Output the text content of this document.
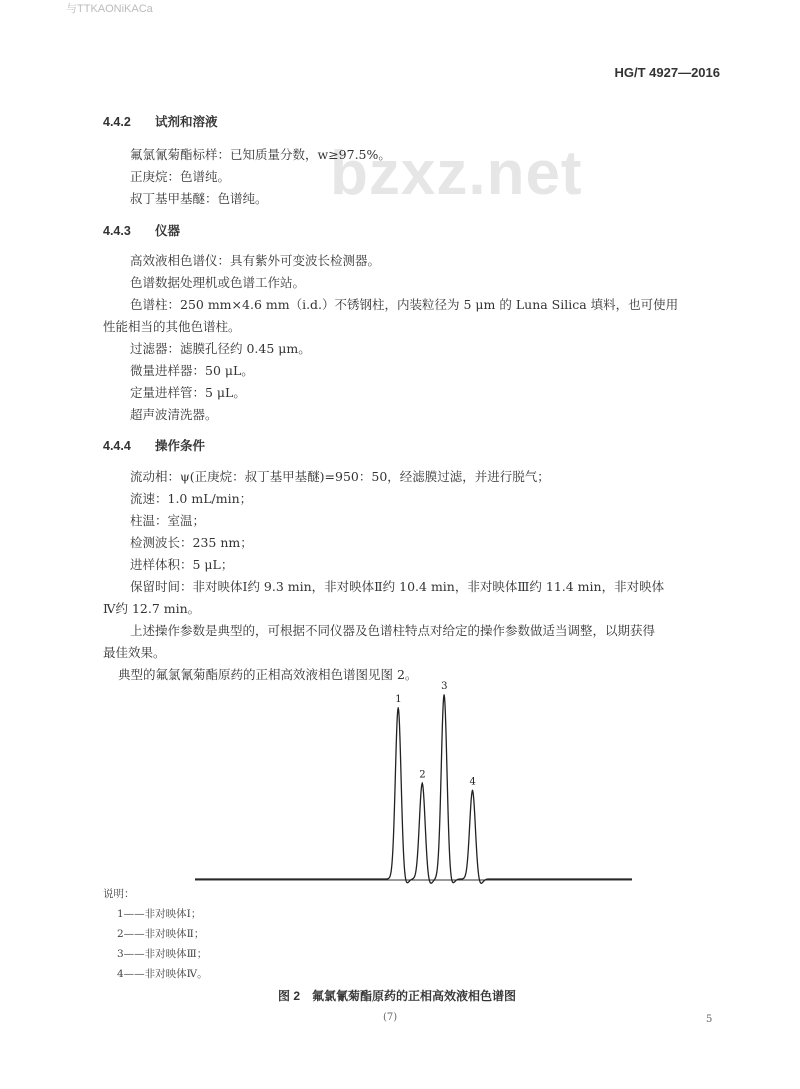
与TTKAONiKACa
HG/T 4927—2016
bzxz.net
4.4.2 试剂和溶液
氟氯氰菊酯标样：已知质量分数，w≥97.5%。
正庚烷：色谱纯。
叔丁基甲基醚：色谱纯。
4.4.3 仪器
高效液相色谱仪：具有紫外可变波长检测器。
色谱数据处理机或色谱工作站。
色谱柱：250 mm×4.6 mm（i.d.）不锈钢柱，内装粒径为 5 μm 的 Luna Silica 填料，也可使用
性能相当的其他色谱柱。
过滤器：滤膜孔径约 0.45 μm。
微量进样器：50 μL。
定量进样管：5 μL。
超声波清洗器。
4.4.4 操作条件
流动相：ψ(正庚烷：叔丁基甲基醚)=950：50，经滤膜过滤，并进行脱气；
流速：1.0 mL/min；
柱温：室温；
检测波长：235 nm；
进样体积：5 μL；
保留时间：非对映体Ⅰ约 9.3 min，非对映体Ⅱ约 10.4 min，非对映体Ⅲ约 11.4 min，非对映体
Ⅳ约 12.7 min。
上述操作参数是典型的，可根据不同仪器及色谱柱特点对给定的操作参数做适当调整，以期获得
最佳效果。
典型的氟氯氰菊酯原药的正相高效液相色谱图见图 2。
1
2
3
4
说明：
1——非对映体Ⅰ；
2——非对映体Ⅱ；
3——非对映体Ⅲ；
4——非对映体Ⅳ。
图 2　氟氯氰菊酯原药的正相高效液相色谱图
(7)	5
